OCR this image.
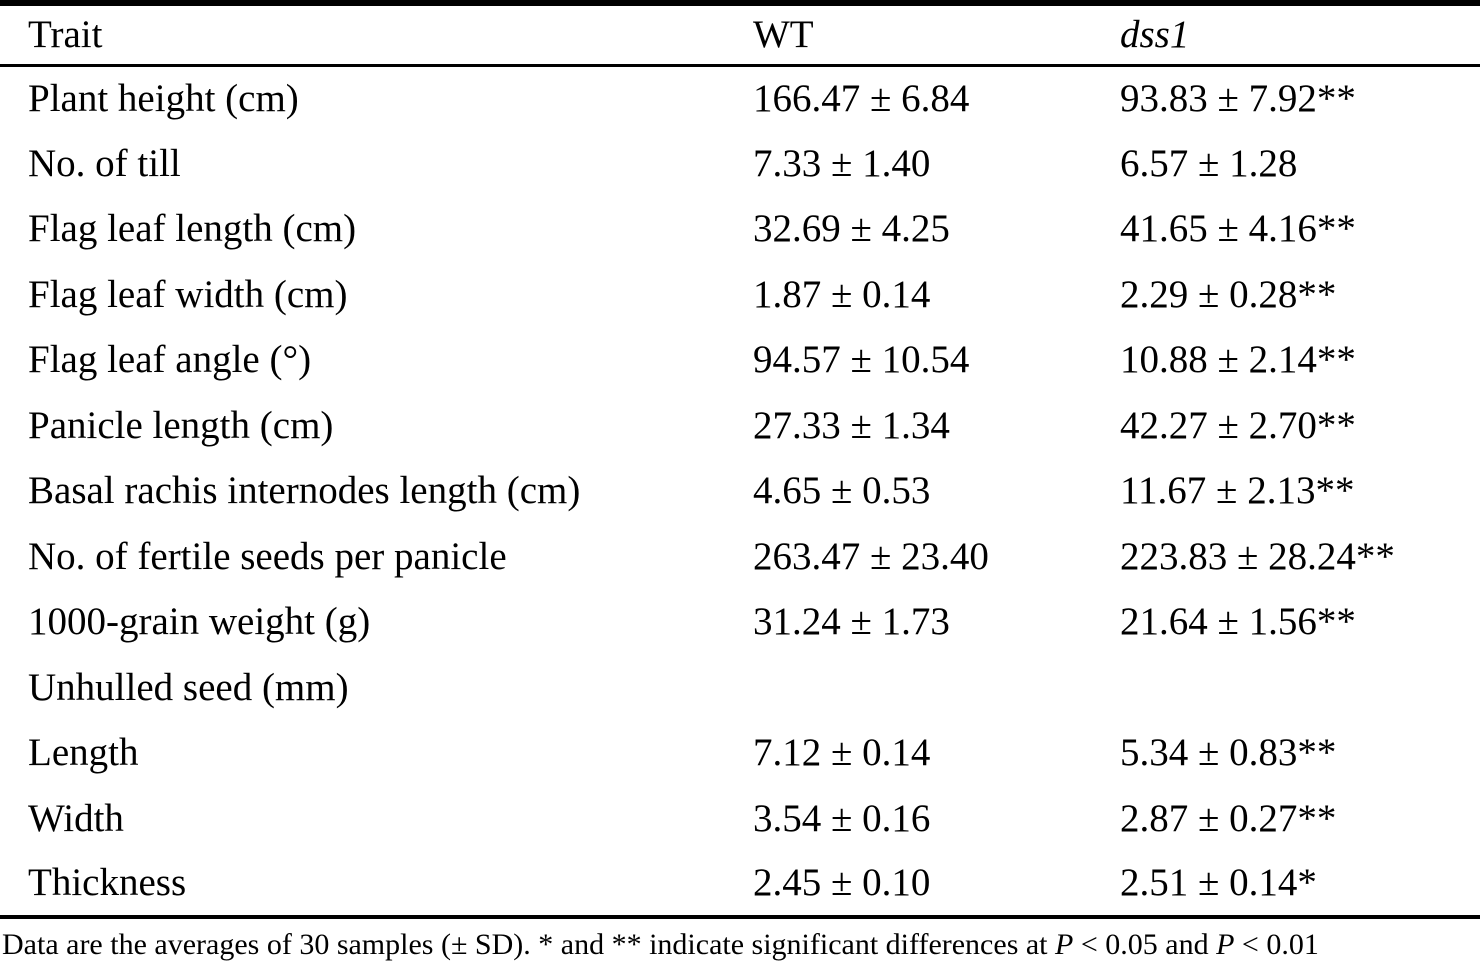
Trait	WT	dss1
Plant height (cm)	166.47 ± 6.84	93.83 ± 7.92**
No. of till	7.33 ± 1.40	6.57 ± 1.28
Flag leaf length (cm)	32.69 ± 4.25	41.65 ± 4.16**
Flag leaf width (cm)	1.87 ± 0.14	2.29 ± 0.28**
Flag leaf angle (°)	94.57 ± 10.54	10.88 ± 2.14**
Panicle length (cm)	27.33 ± 1.34	42.27 ± 2.70**
Basal rachis internodes length (cm)	4.65 ± 0.53	11.67 ± 2.13**
No. of fertile seeds per panicle	263.47 ± 23.40	223.83 ± 28.24**
1000-grain weight (g)	31.24 ± 1.73	21.64 ± 1.56**
Unhulled seed (mm)		
Length	7.12 ± 0.14	5.34 ± 0.83**
Width	3.54 ± 0.16	2.87 ± 0.27**
Thickness	2.45 ± 0.10	2.51 ± 0.14*
Data are the averages of 30 samples (± SD). * and ** indicate significant differences at P < 0.05 and P < 0.01
